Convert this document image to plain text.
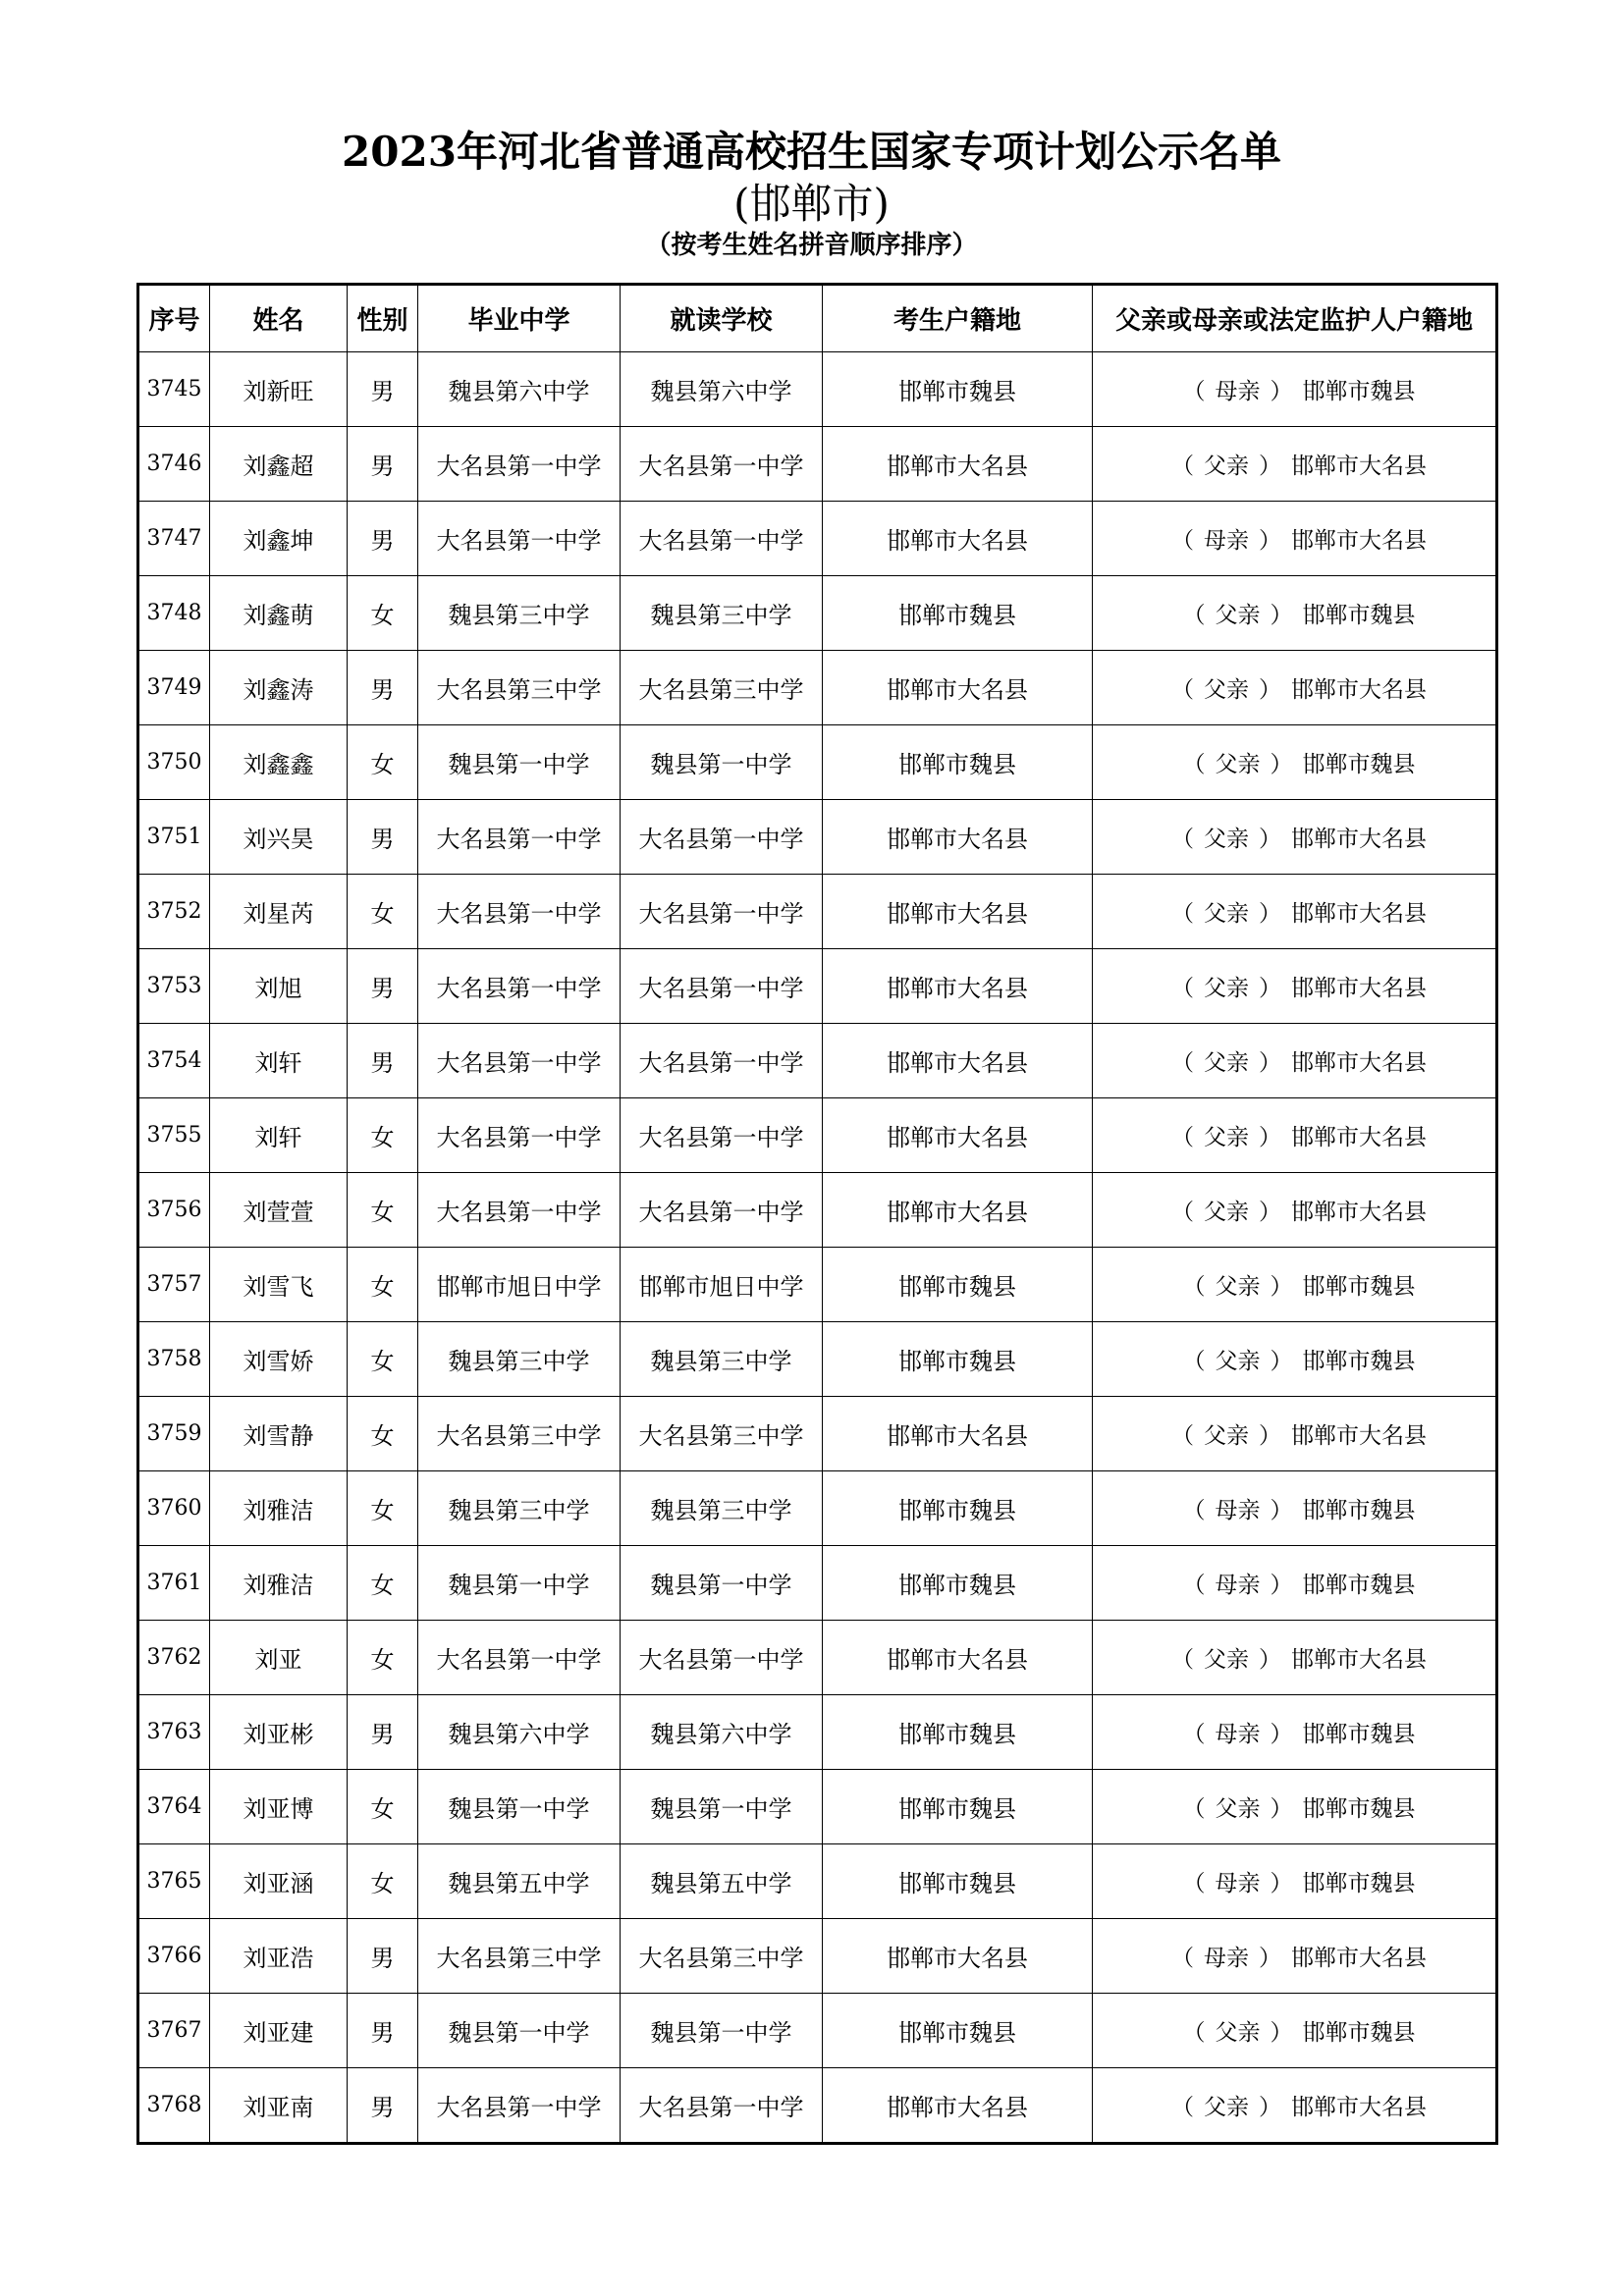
2023年河北省普通高校招生国家专项计划公示名单
(邯郸市)
（按考生姓名拼音顺序排序）
序号	姓名	性别	毕业中学	就读学校	考生户籍地	父亲或母亲或法定监护人户籍地
3745	刘新旺	男	魏县第六中学	魏县第六中学	邯郸市魏县	（ 母亲 ） 邯郸市魏县
3746	刘鑫超	男	大名县第一中学	大名县第一中学	邯郸市大名县	（ 父亲 ） 邯郸市大名县
3747	刘鑫坤	男	大名县第一中学	大名县第一中学	邯郸市大名县	（ 母亲 ） 邯郸市大名县
3748	刘鑫萌	女	魏县第三中学	魏县第三中学	邯郸市魏县	（ 父亲 ） 邯郸市魏县
3749	刘鑫涛	男	大名县第三中学	大名县第三中学	邯郸市大名县	（ 父亲 ） 邯郸市大名县
3750	刘鑫鑫	女	魏县第一中学	魏县第一中学	邯郸市魏县	（ 父亲 ） 邯郸市魏县
3751	刘兴昊	男	大名县第一中学	大名县第一中学	邯郸市大名县	（ 父亲 ） 邯郸市大名县
3752	刘星芮	女	大名县第一中学	大名县第一中学	邯郸市大名县	（ 父亲 ） 邯郸市大名县
3753	刘旭	男	大名县第一中学	大名县第一中学	邯郸市大名县	（ 父亲 ） 邯郸市大名县
3754	刘轩	男	大名县第一中学	大名县第一中学	邯郸市大名县	（ 父亲 ） 邯郸市大名县
3755	刘轩	女	大名县第一中学	大名县第一中学	邯郸市大名县	（ 父亲 ） 邯郸市大名县
3756	刘萱萱	女	大名县第一中学	大名县第一中学	邯郸市大名县	（ 父亲 ） 邯郸市大名县
3757	刘雪飞	女	邯郸市旭日中学	邯郸市旭日中学	邯郸市魏县	（ 父亲 ） 邯郸市魏县
3758	刘雪娇	女	魏县第三中学	魏县第三中学	邯郸市魏县	（ 父亲 ） 邯郸市魏县
3759	刘雪静	女	大名县第三中学	大名县第三中学	邯郸市大名县	（ 父亲 ） 邯郸市大名县
3760	刘雅洁	女	魏县第三中学	魏县第三中学	邯郸市魏县	（ 母亲 ） 邯郸市魏县
3761	刘雅洁	女	魏县第一中学	魏县第一中学	邯郸市魏县	（ 母亲 ） 邯郸市魏县
3762	刘亚	女	大名县第一中学	大名县第一中学	邯郸市大名县	（ 父亲 ） 邯郸市大名县
3763	刘亚彬	男	魏县第六中学	魏县第六中学	邯郸市魏县	（ 母亲 ） 邯郸市魏县
3764	刘亚博	女	魏县第一中学	魏县第一中学	邯郸市魏县	（ 父亲 ） 邯郸市魏县
3765	刘亚涵	女	魏县第五中学	魏县第五中学	邯郸市魏县	（ 母亲 ） 邯郸市魏县
3766	刘亚浩	男	大名县第三中学	大名县第三中学	邯郸市大名县	（ 母亲 ） 邯郸市大名县
3767	刘亚建	男	魏县第一中学	魏县第一中学	邯郸市魏县	（ 父亲 ） 邯郸市魏县
3768	刘亚南	男	大名县第一中学	大名县第一中学	邯郸市大名县	（ 父亲 ） 邯郸市大名县
